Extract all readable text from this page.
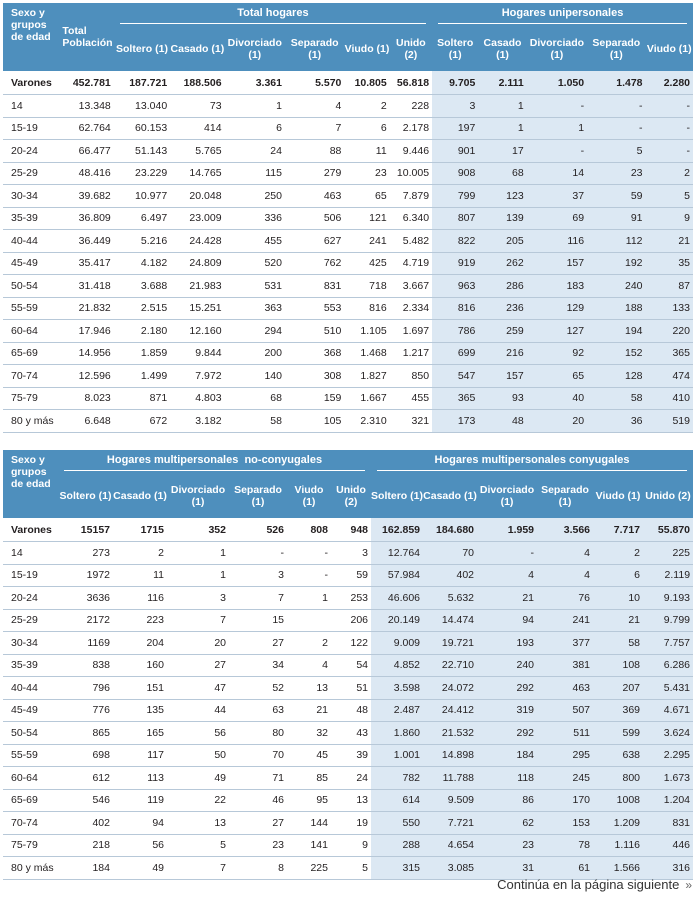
Sexo y grupos de edad	Total Población	Total hogares						Hogares unipersonales				

		Soltero (1)	Casado (1)	Divorciado (1)	Separado (1)	Viudo (1)	Unido (2)	Soltero (1)	Casado (1)	Divorciado (1)	Separado (1)	Viudo (1)
Varones	452.781	187.721	188.506	3.361	5.570	10.805	56.818	9.705	2.111	1.050	1.478	2.280
14	13.348	13.040	73	1	4	2	228	3	1	-	-	-
15-19	62.764	60.153	414	6	7	6	2.178	197	1	1	-	-
20-24	66.477	51.143	5.765	24	88	11	9.446	901	17	-	5	-
25-29	48.416	23.229	14.765	115	279	23	10.005	908	68	14	23	2
30-34	39.682	10.977	20.048	250	463	65	7.879	799	123	37	59	5
35-39	36.809	6.497	23.009	336	506	121	6.340	807	139	69	91	9
40-44	36.449	5.216	24.428	455	627	241	5.482	822	205	116	112	21
45-49	35.417	4.182	24.809	520	762	425	4.719	919	262	157	192	35
50-54	31.418	3.688	21.983	531	831	718	3.667	963	286	183	240	87
55-59	21.832	2.515	15.251	363	553	816	2.334	816	236	129	188	133
60-64	17.946	2.180	12.160	294	510	1.105	1.697	786	259	127	194	220
65-69	14.956	1.859	9.844	200	368	1.468	1.217	699	216	92	152	365
70-74	12.596	1.499	7.972	140	308	1.827	850	547	157	65	128	474
75-79	8.023	871	4.803	68	159	1.667	455	365	93	40	58	410
80 y más	6.648	672	3.182	58	105	2.310	321	173	48	20	36	519
Sexo y grupos de edad	Hogares multipersonales  no-conyugales						Hogares multipersonales conyugales					

	Soltero (1)	Casado (1)	Divorciado (1)	Separado (1)	Viudo (1)	Unido (2)	Soltero (1)	Casado (1)	Divorciado (1)	Separado (1)	Viudo (1)	Unido (2)
Varones	15157	1715	352	526	808	948	162.859	184.680	1.959	3.566	7.717	55.870
14	273	2	1	-	-	3	12.764	70	-	4	2	225
15-19	1972	11	1	3	-	59	57.984	402	4	4	6	2.119
20-24	3636	116	3	7	1	253	46.606	5.632	21	76	10	9.193
25-29	2172	223	7	15		206	20.149	14.474	94	241	21	9.799
30-34	1169	204	20	27	2	122	9.009	19.721	193	377	58	7.757
35-39	838	160	27	34	4	54	4.852	22.710	240	381	108	6.286
40-44	796	151	47	52	13	51	3.598	24.072	292	463	207	5.431
45-49	776	135	44	63	21	48	2.487	24.412	319	507	369	4.671
50-54	865	165	56	80	32	43	1.860	21.532	292	511	599	3.624
55-59	698	117	50	70	45	39	1.001	14.898	184	295	638	2.295
60-64	612	113	49	71	85	24	782	11.788	118	245	800	1.673
65-69	546	119	22	46	95	13	614	9.509	86	170	1008	1.204
70-74	402	94	13	27	144	19	550	7.721	62	153	1.209	831
75-79	218	56	5	23	141	9	288	4.654	23	78	1.116	446
80 y más	184	49	7	8	225	5	315	3.085	31	61	1.566	316
Continúa en la página siguiente »
